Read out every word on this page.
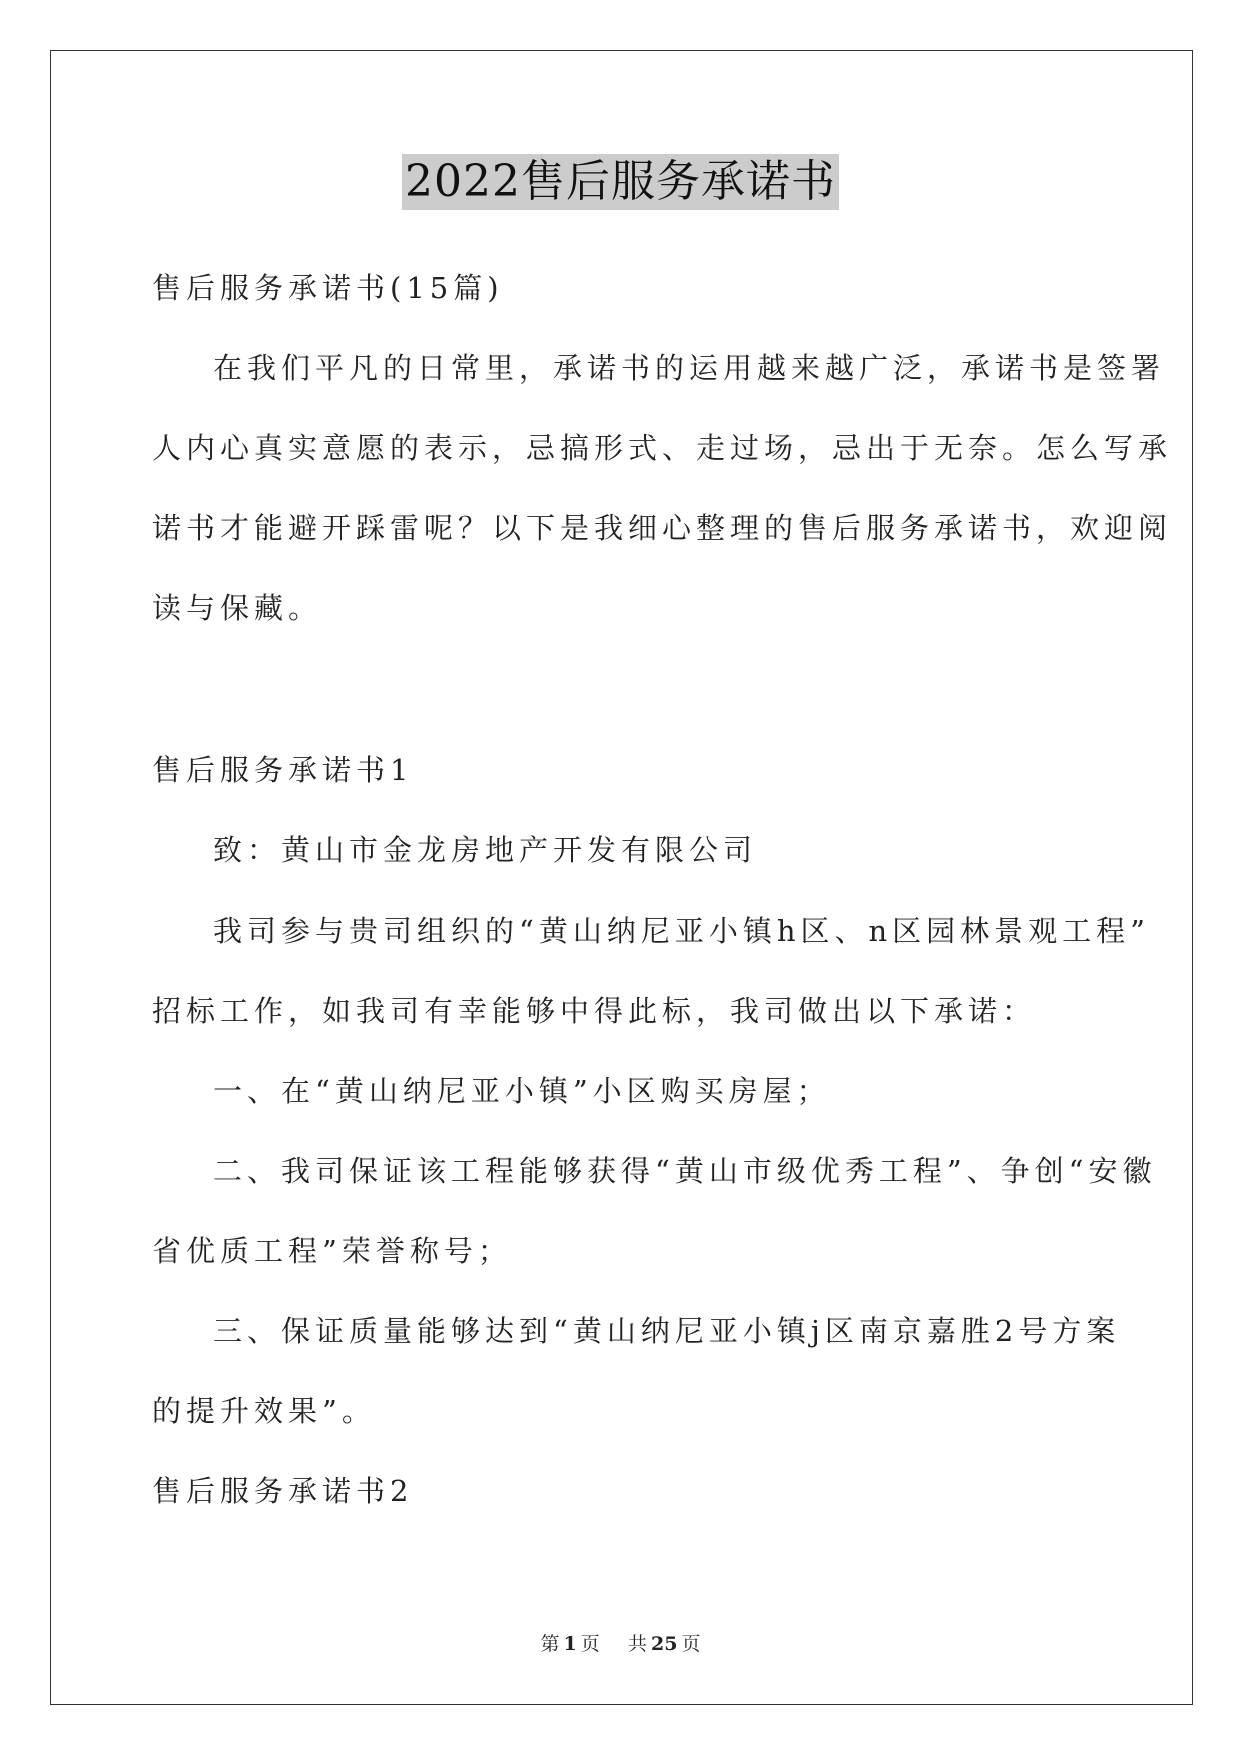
2022售后服务承诺书
售后服务承诺书(15篇)
在我们平凡的日常里，承诺书的运用越来越广泛，承诺书是签署
人内心真实意愿的表示，忌搞形式、走过场，忌出于无奈。怎么写承
诺书才能避开踩雷呢？以下是我细心整理的售后服务承诺书，欢迎阅
读与保藏。
售后服务承诺书1
致：黄山市金龙房地产开发有限公司
我司参与贵司组织的“黄山纳尼亚小镇h区、n区园林景观工程”
招标工作，如我司有幸能够中得此标，我司做出以下承诺：
一、在“黄山纳尼亚小镇”小区购买房屋；
二、我司保证该工程能够获得“黄山市级优秀工程”、争创“安徽
省优质工程”荣誉称号；
三、保证质量能够达到“黄山纳尼亚小镇j区南京嘉胜2号方案
的提升效果”。
售后服务承诺书2
第 1 页 共 25 页
